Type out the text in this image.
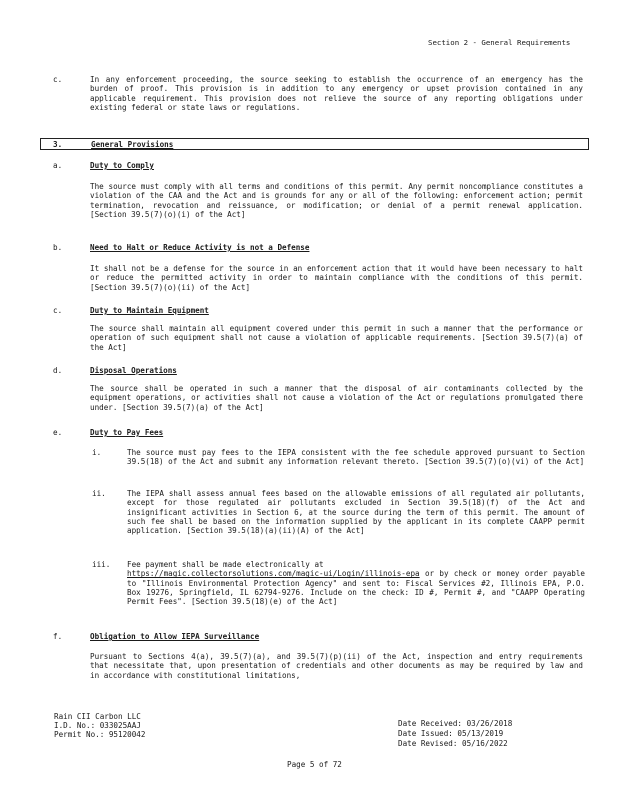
Section 2 - General Requirements
c.	In any enforcement proceeding, the source seeking to establish the occurrence of an emergency has the burden of proof. This provision is in addition to any emergency or upset provision contained in any applicable requirement. This provision does not relieve the source of any reporting obligations under existing federal or state laws or regulations.
3.	General Provisions
a.	Duty to Comply
The source must comply with all terms and conditions of this permit. Any permit noncompliance constitutes a violation of the CAA and the Act and is grounds for any or all of the following: enforcement action; permit termination, revocation and reissuance, or modification; or denial of a permit renewal application. [Section 39.5(7)(o)(i) of the Act]
b.	Need to Halt or Reduce Activity is not a Defense
It shall not be a defense for the source in an enforcement action that it would have been necessary to halt or reduce the permitted activity in order to maintain compliance with the conditions of this permit. [Section 39.5(7)(o)(ii) of the Act]
c.	Duty to Maintain Equipment
The source shall maintain all equipment covered under this permit in such a manner that the performance or operation of such equipment shall not cause a violation of applicable requirements. [Section 39.5(7)(a) of the Act]
d.	Disposal Operations
The source shall be operated in such a manner that the disposal of air contaminants collected by the equipment operations, or activities shall not cause a violation of the Act or regulations promulgated there under. [Section 39.5(7)(a) of the Act]
e.	Duty to Pay Fees
i.	The source must pay fees to the IEPA consistent with the fee schedule approved pursuant to Section 39.5(18) of the Act and submit any information relevant thereto. [Section 39.5(7)(o)(vi) of the Act]
ii.	The IEPA shall assess annual fees based on the allowable emissions of all regulated air pollutants, except for those regulated air pollutants excluded in Section 39.5(18)(f) of the Act and insignificant activities in Section 6, at the source during the term of this permit. The amount of such fee shall be based on the information supplied by the applicant in its complete CAAPP permit application. [Section 39.5(18)(a)(ii)(A) of the Act]
iii. Fee payment shall be made electronically at
https://magic.collectorsolutions.com/magic-ui/Login/illinois-epa or by check or money order payable to "Illinois Environmental Protection Agency" and sent to: Fiscal Services #2, Illinois EPA, P.O. Box 19276, Springfield, IL 62794-9276. Include on the check: ID #, Permit #, and "CAAPP Operating Permit Fees". [Section 39.5(18)(e) of the Act]
f.	Obligation to Allow IEPA Surveillance
Pursuant to Sections 4(a), 39.5(7)(a), and 39.5(7)(p)(ii) of the Act, inspection and entry requirements that necessitate that, upon presentation of credentials and other documents as may be required by law and in accordance with constitutional limitations,
Rain CII Carbon LLC
I.D. No.: 033025AAJ
Permit No.: 95120042
Date Received: 03/26/2018
Date Issued: 05/13/2019
Date Revised: 05/16/2022
Page 5 of 72
